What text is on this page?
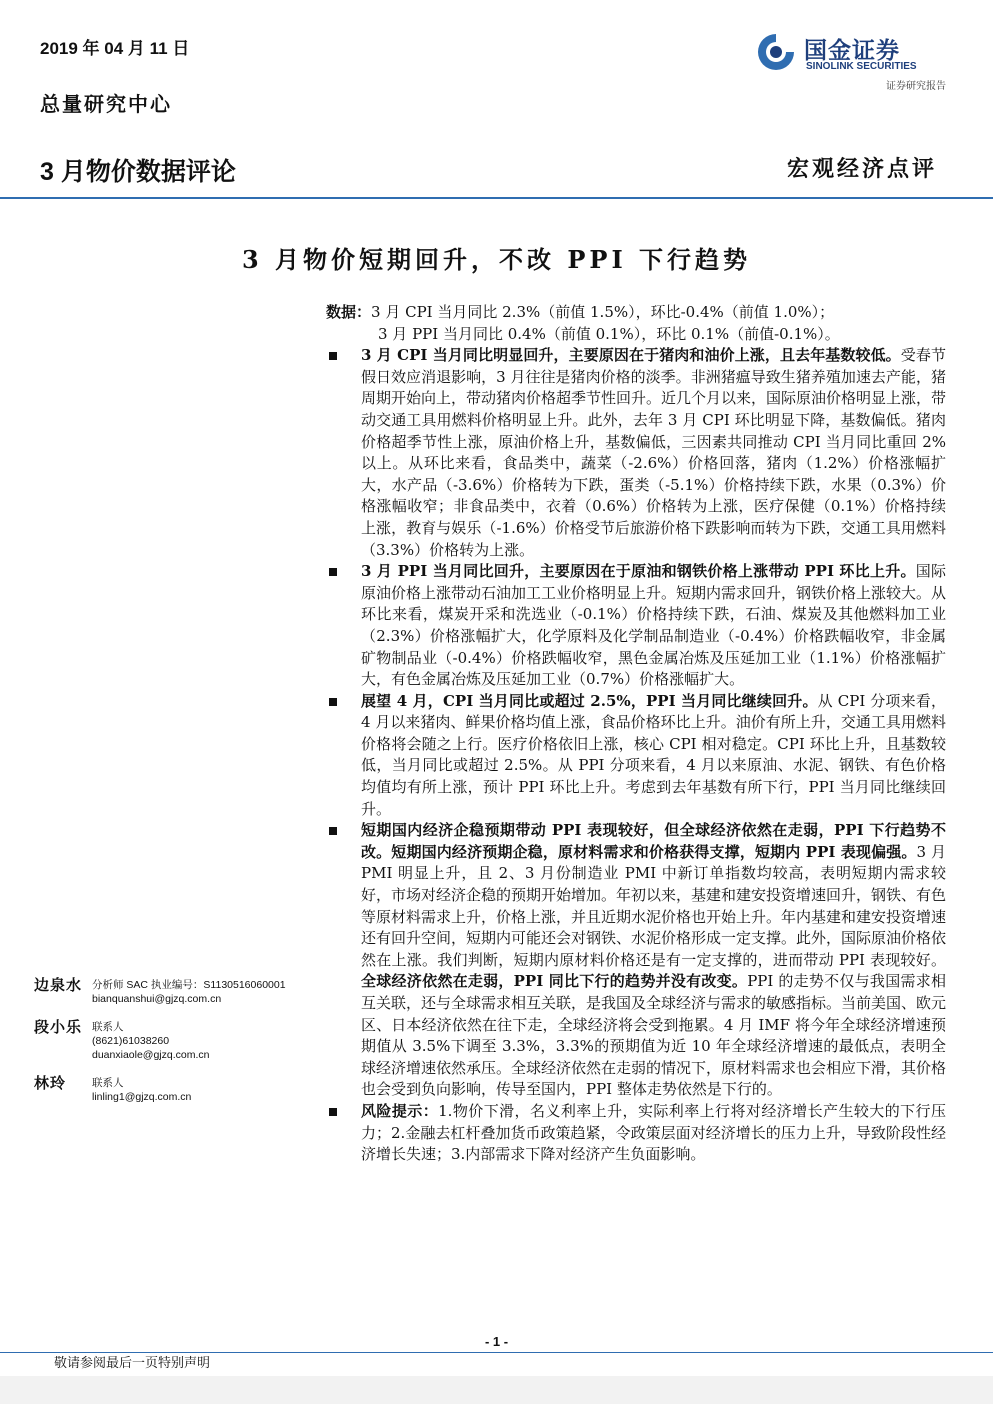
2019 年 04 月 11 日
总量研究中心
3 月物价数据评论	宏观经济点评
国金证券
SINOLINK SECURITIES
证券研究报告
3 月物价短期回升，不改 PPI 下行趋势

数据：3 月 CPI 当月同比 2.3%（前值 1.5%），环比-0.4%（前值 1.0%）；

3 月 PPI 当月同比 0.4%（前值 0.1%），环比 0.1%（前值-0.1%）。

3 月 CPI 当月同比明显回升，主要原因在于猪肉和油价上涨，且去年基数较低。受春节假日效应消退影响，3 月往往是猪肉价格的淡季。非洲猪瘟导致生猪养殖加速去产能，猪周期开始向上，带动猪肉价格超季节性回升。近几个月以来，国际原油价格明显上涨，带动交通工具用燃料价格明显上升。此外，去年 3 月 CPI 环比明显下降，基数偏低。猪肉价格超季节性上涨，原油价格上升，基数偏低，三因素共同推动 CPI 当月同比重回 2%以上。从环比来看，食品类中，蔬菜（-2.6%）价格回落，猪肉（1.2%）价格涨幅扩大，水产品（-3.6%）价格转为下跌，蛋类（-5.1%）价格持续下跌，水果（0.3%）价格涨幅收窄；非食品类中，衣着（0.6%）价格转为上涨，医疗保健（0.1%）价格持续上涨，教育与娱乐（-1.6%）价格受节后旅游价格下跌影响而转为下跌，交通工具用燃料（3.3%）价格转为上涨。
3 月 PPI 当月同比回升，主要原因在于原油和钢铁价格上涨带动 PPI 环比上升。国际原油价格上涨带动石油加工工业价格明显上升。短期内需求回升，钢铁价格上涨较大。从环比来看，煤炭开采和洗选业（-0.1%）价格持续下跌，石油、煤炭及其他燃料加工业（2.3%）价格涨幅扩大，化学原料及化学制品制造业（-0.4%）价格跌幅收窄，非金属矿物制品业（-0.4%）价格跌幅收窄，黑色金属冶炼及压延加工业（1.1%）价格涨幅扩大，有色金属冶炼及压延加工业（0.7%）价格涨幅扩大。
展望 4 月，CPI 当月同比或超过 2.5%，PPI 当月同比继续回升。从 CPI 分项来看，4 月以来猪肉、鲜果价格均值上涨，食品价格环比上升。油价有所上升，交通工具用燃料价格将会随之上行。医疗价格依旧上涨，核心 CPI 相对稳定。CPI 环比上升，且基数较低，当月同比或超过 2.5%。从 PPI 分项来看，4 月以来原油、水泥、钢铁、有色价格均值均有所上涨，预计 PPI 环比上升。考虑到去年基数有所下行，PPI 当月同比继续回升。
短期国内经济企稳预期带动 PPI 表现较好，但全球经济依然在走弱，PPI 下行趋势不改。短期国内经济预期企稳，原材料需求和价格获得支撑，短期内 PPI 表现偏强。3 月 PMI 明显上升，且 2、3 月份制造业 PMI 中新订单指数均较高，表明短期内需求较好，市场对经济企稳的预期开始增加。年初以来，基建和建安投资增速回升，钢铁、有色等原材料需求上升，价格上涨，并且近期水泥价格也开始上升。年内基建和建安投资增速还有回升空间，短期内可能还会对钢铁、水泥价格形成一定支撑。此外，国际原油价格依然在上涨。我们判断，短期内原材料价格还是有一定支撑的，进而带动 PPI 表现较好。全球经济依然在走弱，PPI 同比下行的趋势并没有改变。PPI 的走势不仅与我国需求相互关联，还与全球需求相互关联，是我国及全球经济与需求的敏感指标。当前美国、欧元区、日本经济依然在往下走，全球经济将会受到拖累。4 月 IMF 将今年全球经济增速预期值从 3.5%下调至 3.3%，3.3%的预期值为近 10 年全球经济增速的最低点，表明全球经济增速依然承压。全球经济依然在走弱的情况下，原材料需求也会相应下滑，其价格也会受到负向影响，传导至国内，PPI 整体走势依然是下行的。
风险提示：1.物价下滑，名义利率上升，实际利率上行将对经济增长产生较大的下行压力；2.金融去杠杆叠加货币政策趋紧，令政策层面对经济增长的压力上升，导致阶段性经济增长失速；3.内部需求下降对经济产生负面影响。
边泉水 分析师 SAC 执业编号：S1130516060001
bianquanshui@gjzq.com.cn
段小乐 联系人
(8621)61038260
duanxiaole@gjzq.com.cn
林玲 联系人
linling1@gjzq.com.cn
- 1 -
敬请参阅最后一页特别声明
